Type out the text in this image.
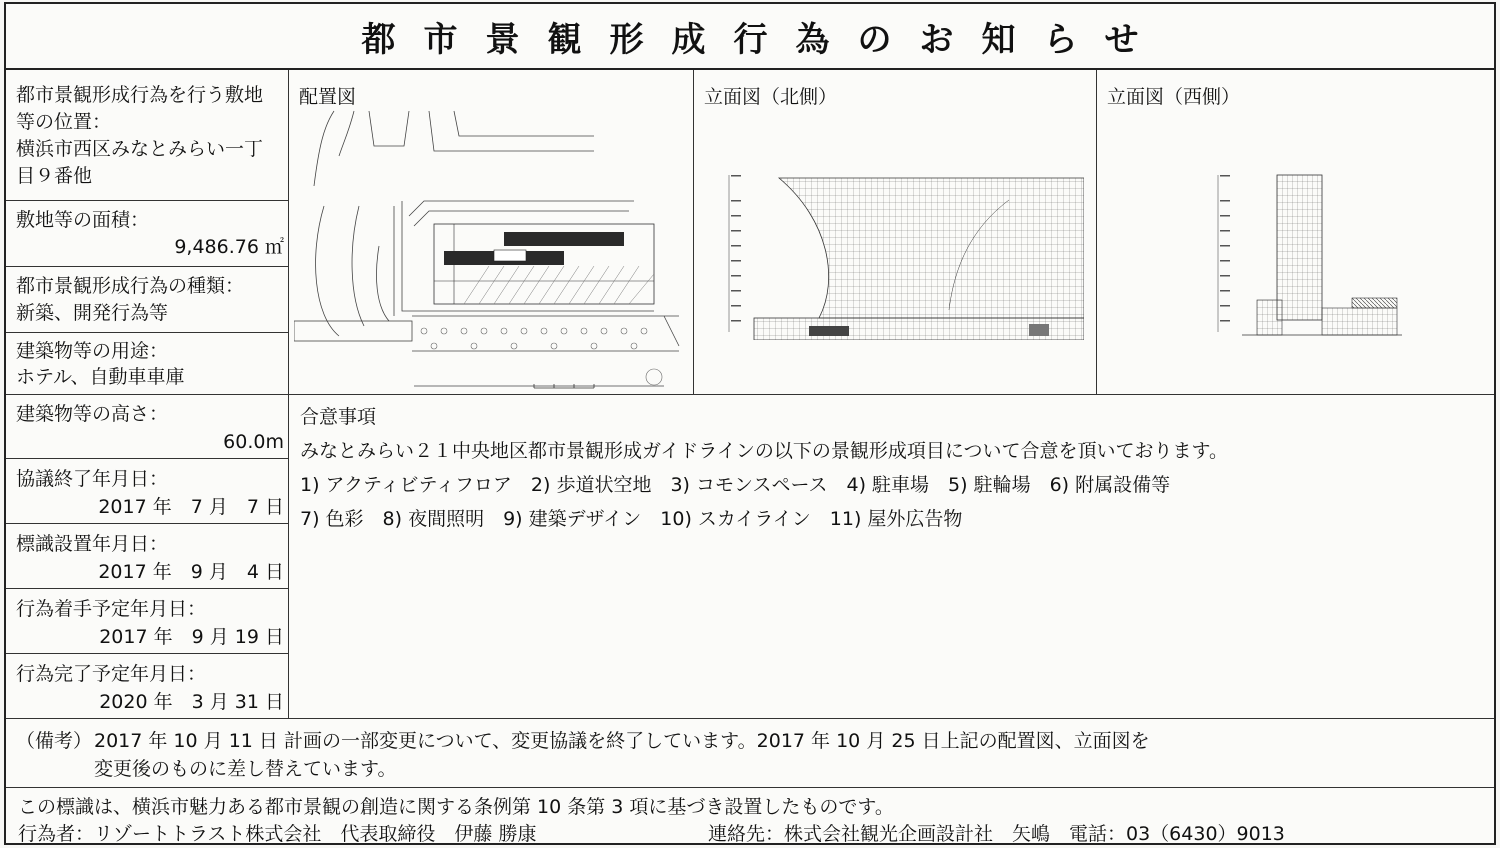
都市景観形成行為のお知らせ
都市景観形成行為を行う敷地
等の位置：
横浜市西区みなとみらい一丁
目９番他
敷地等の面積：
9,486.76 ㎡
都市景観形成行為の種類：
新築、開発行為等
建築物等の用途：
ホテル、自動車車庫
建築物等の高さ：
60.0m
協議終了年月日：
2017 年　7 月　7 日
標識設置年月日：
2017 年　9 月　4 日
行為着手予定年月日：
2017 年　9 月 19 日
行為完了予定年月日：
2020 年　3 月 31 日
配置図	立面図（北側）	立面図（西側）
合意事項
みなとみらい２１中央地区都市景観形成ガイドラインの以下の景観形成項目について合意を頂いております。
1) アクティビティフロア　2) 歩道状空地　3) コモンスペース　4) 駐車場　5) 駐輪場　6) 附属設備等
7) 色彩　8) 夜間照明　9) 建築デザイン　10) スカイライン　11) 屋外広告物
（備考） 2017 年 10 月 11 日 計画の一部変更について、変更協議を終了しています。2017 年 10 月 25 日上記の配置図、立面図を
変更後のものに差し替えています。
この標識は、横浜市魅力ある都市景観の創造に関する条例第 10 条第 3 項に基づき設置したものです。
行為者：リゾートトラスト株式会社　代表取締役　伊藤 勝康	連絡先：株式会社観光企画設計社　矢嶋　電話：03（6430）9013
